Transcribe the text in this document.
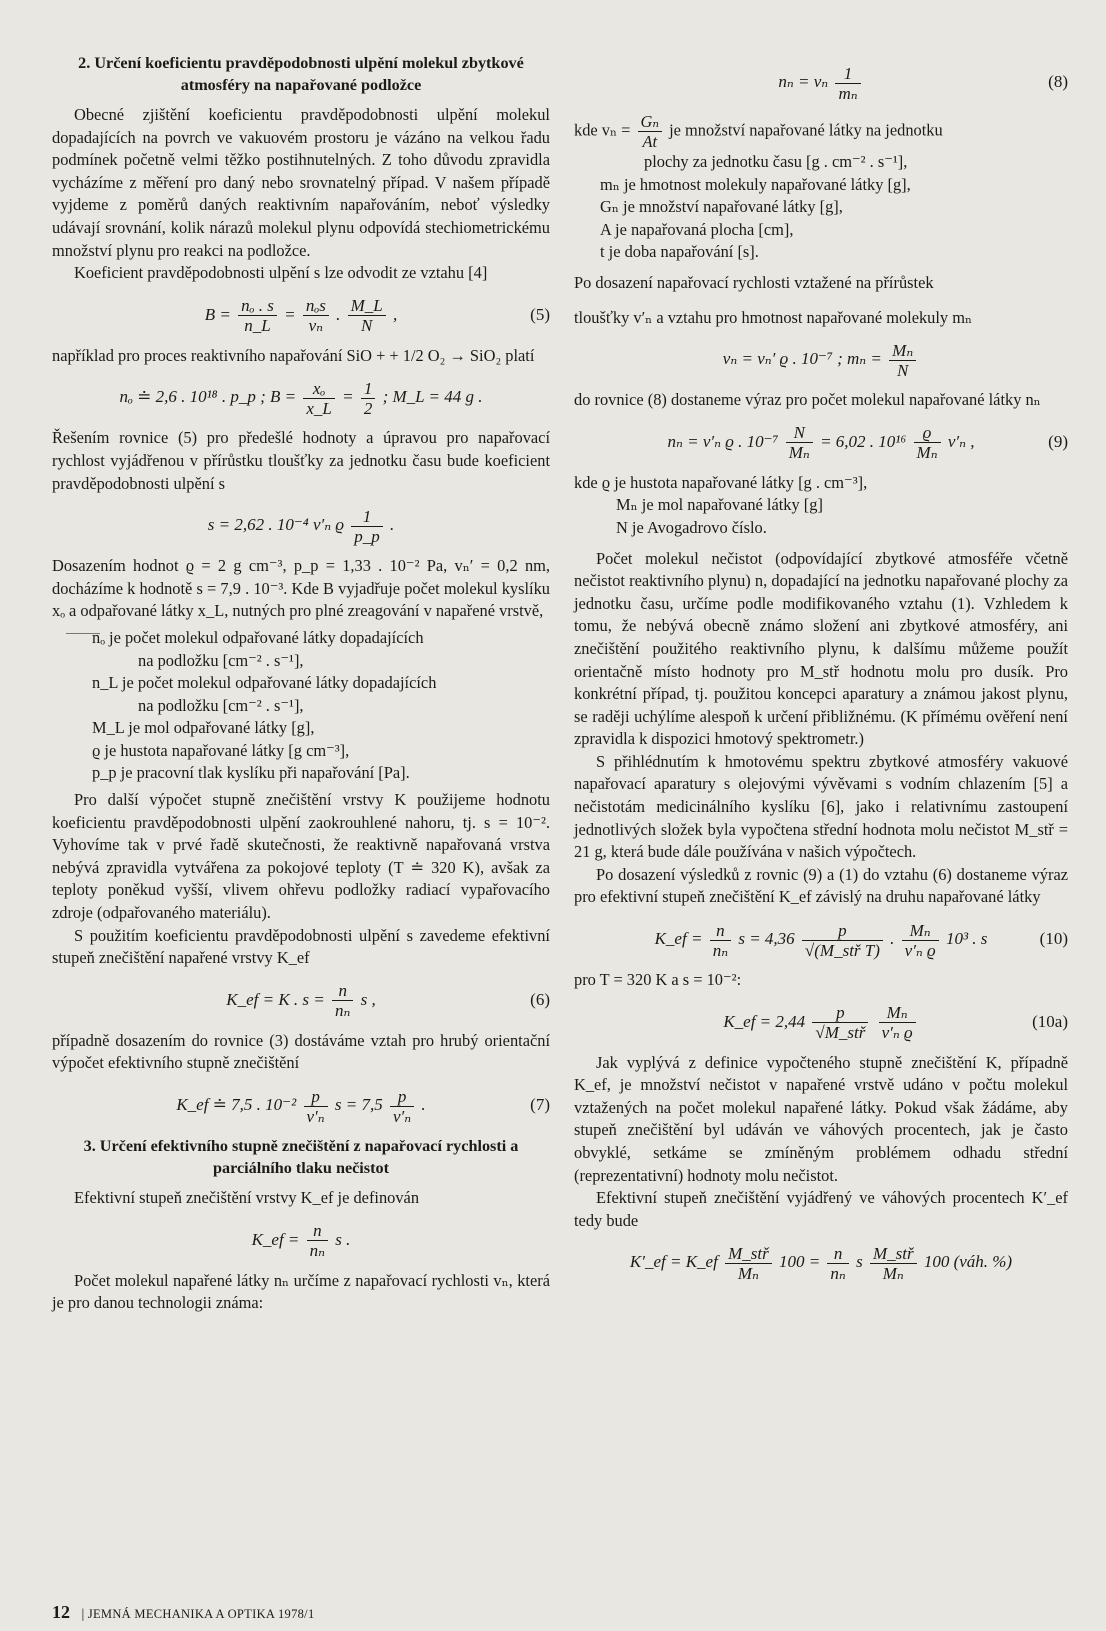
2. Určení koeficientu pravděpodobnosti ulpění molekul zbytkové atmosféry na napařované podložce

Obecné zjištění koeficientu pravděpodobnosti ulpění molekul dopadajících na povrch ve vakuovém prostoru je vázáno na velkou řadu podmínek početně velmi těžko postihnutelných. Z toho důvodu zpravidla vycházíme z měření pro daný nebo srovnatelný případ. V našem případě vyjdeme z poměrů daných reaktivním napařováním, neboť výsledky udávají srovnání, kolik nárazů molekul plynu odpovídá stechiometrickému množství plynu pro reakci na podložce.

Koeficient pravděpodobnosti ulpění s lze odvodit ze vztahu [4]

$B = \frac{\text{nₒ . s}}{n\_L} = \frac{\text{nₒs}}{\text{vₙ}}$ . $\frac{M\_L}{N}$ ,	(5)

například pro proces reaktivního napařování SiO + + 1/2 O₂ → SiO₂ platí

nₒ ≐ 2,6 . 10¹⁸ . p_p ; $B = \frac{\text{xₒ}}{x\_L} = \frac{1}{2}$ ; M_L = 44 g .

Řešením rovnice (5) pro předešlé hodnoty a úpravou pro napařovací rychlost vyjádřenou v přírůstku tloušťky za jednotku času bude koeficient pravděpodobnosti ulpění s

s = 2,62 . 10⁻⁴ v′ₙ ϱ $\frac{1}{p\_p}$ .

Dosazením hodnot ϱ = 2 g cm⁻³, p_p = 1,33 . 10⁻² Pa, vₙ′ = 0,2 nm, docházíme k hodnotě s = 7,9 . 10⁻³. Kde B vyjadřuje počet molekul kyslíku xₒ a odpařované látky x_L, nutných pro plné zreagování v napařené vrstvě,

nₒ je počet molekul odpařované látky dopadajících

na podložku [cm⁻² . s⁻¹],

n_L je počet molekul odpařované látky dopadajících

na podložku [cm⁻² . s⁻¹],

M_L je mol odpařované látky [g],

ϱ je hustota napařované látky [g cm⁻³],

p_p je pracovní tlak kyslíku při napařování [Pa].

Pro další výpočet stupně znečištění vrstvy K použijeme hodnotu koeficientu pravděpodobnosti ulpění zaokrouhlené nahoru, tj. s = 10⁻². Vyhovíme tak v prvé řadě skutečnosti, že reaktivně napařovaná vrstva nebývá zpravidla vytvářena za pokojové teploty (T ≐ 320 K), avšak za teploty poněkud vyšší, vlivem ohřevu podložky radiací vypařovacího zdroje (odpařovaného materiálu).

S použitím koeficientu pravděpodobnosti ulpění s zavedeme efektivní stupeň znečištění napařené vrstvy K_ef

K_ef = K . $s = \frac{n}{\text{nₙ}}$ s ,	(6)

případně dosazením do rovnice (3) dostáváme vztah pro hrubý orientační výpočet efektivního stupně znečištění

K_ef ≐ 7,5 . $10^{-2} \frac{p}{\text{v′ₙ}}$ $s = 7,5 \frac{p}{\text{v′ₙ}}$ .	(7)
3. Určení efektivního stupně znečištění z napařovací rychlosti a parciálního tlaku nečistot

Efektivní stupeň znečištění vrstvy K_ef je definován

K_ef = $\frac{n}{\text{nₙ}}$ s .

Počet molekul napařené látky nₙ určíme z napařovací rychlosti vₙ, která je pro danou technologii známa:

nₙ = vₙ $\frac{1}{\text{mₙ}}$	(8)

kde $v_n = \frac{\text{Gₙ}}{At}$ je množství napařované látky na jednotku

plochy za jednotku času [g . cm⁻² . s⁻¹],

mₙ je hmotnost molekuly napařované látky [g],

Gₙ je množství napařované látky [g],

A je napařovaná plocha [cm],

t je doba napařování [s].

Po dosazení napařovací rychlosti vztažené na přírůstek

tloušťky v′ₙ a vztahu pro hmotnost napařované molekuly mₙ

vₙ = vₙ′ ϱ . 10⁻⁷ ; $m_n = \frac{\text{Mₙ}}{N}$

do rovnice (8) dostaneme výraz pro počet molekul napařované látky nₙ

nₙ = v′ₙ ϱ . $10^{-7} \frac{N}{\text{Mₙ}} = 6,02$ . $10^{16} \frac{ϱ}{\text{Mₙ}} v'_n$ ,	(9)

kde ϱ je hustota napařované látky [g . cm⁻³],

Mₙ je mol napařované látky [g]

N je Avogadrovo číslo.

Počet molekul nečistot (odpovídající zbytkové atmosféře včetně nečistot reaktivního plynu) n, dopadající na jednotku napařované plochy za jednotku času, určíme podle modifikovaného vztahu (1). Vzhledem k tomu, že nebývá obecně známo složení ani zbytkové atmosféry, ani znečištění použitého reaktivního plynu, k dalšímu můžeme použít orientačně místo hodnoty pro M_stř hodnotu molu pro dusík. Pro konkrétní případ, tj. použitou koncepci aparatury a známou jakost plynu, se raději uchýlíme alespoň k určení přibližnému. (K přímému ověření není zpravidla k dispozici hmotový spektrometr.)

S přihlédnutím k hmotovému spektru zbytkové atmosféry vakuové napařovací aparatury s olejovými vývěvami s vodním chlazením [5] a nečistotám medicinálního kyslíku [6], jako i relativnímu zastoupení jednotlivých složek byla vypočtena střední hodnota molu nečistot M_stř = 21 g, která bude dále používána v našich výpočtech.

Po dosazení výsledků z rovnic (9) a (1) do vztahu (6) dostaneme výraz pro efektivní stupeň znečištění K_ef závislý na druhu napařované látky

K_ef = $\frac{n}{\text{nₙ}}$ $s = 4,36 \frac{p}{\text{√(M\_stř T)}}$ . $\frac{\text{Mₙ}}{\text{v′ₙ ϱ}} 10^3$ . s	(10)

pro T = 320 K a s = 10⁻²:

K_ef = $2,44 \frac{p}{\text{√M\_stř}}$
$\frac{\text{Mₙ}}{\text{v′ₙ ϱ}}$	(10a)

Jak vyplývá z definice vypočteného stupně znečištění K, případně K_ef, je množství nečistot v napařené vrstvě udáno v počtu molekul vztažených na počet molekul napařené látky. Pokud však žádáme, aby stupeň znečištění byl udáván ve váhových procentech, jak je často obvyklé, setkáme se zmíněným problémem odhadu střední (reprezentativní) hodnoty molu nečistot.

Efektivní stupeň znečištění vyjádřený ve váhových procentech K′_ef tedy bude

K′_ef = K_ef $\frac{\text{M\_stř}}{\text{Mₙ}} 100 = \frac{n}{\text{nₙ}}$ s $\frac{\text{M\_stř}}{\text{Mₙ}} 100$ (váh. %)
12 | JEMNÁ MECHANIKA A OPTIKA 1978/1
